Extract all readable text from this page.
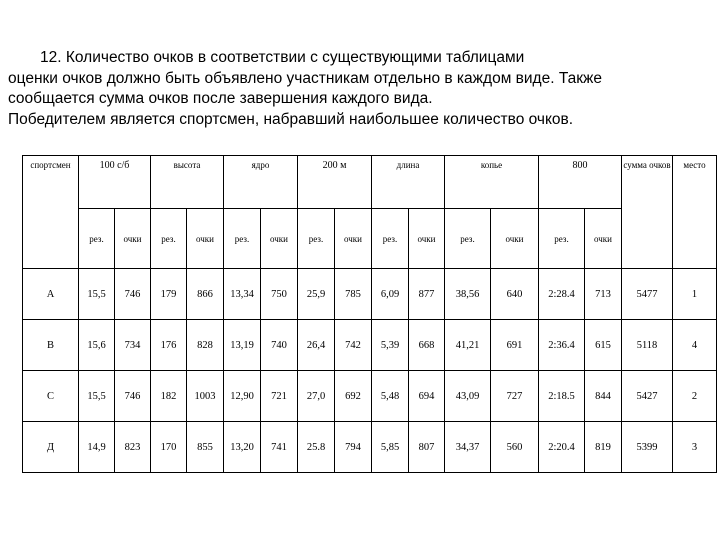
12. Количество очков в соответствии с существующими таблицами
оценки очков должно быть объявлено участникам отдельно в каждом виде. Также
сообщается сумма очков после завершения каждого вида.
Победителем является спортсмен, набравший наибольшее количество очков.

спортсмен	100 с/б		высота		ядро		200 м		длина		копье		800		сумма очков	место
	рез.	очки	рез.	очки	рез.	очки	рез.	очки	рез.	очки	рез.	очки	рез.	очки		
А	15,5	746	179	866	13,34	750	25,9	785	6,09	877	38,56	640	2:28.4	713	5477	1
В	15,6	734	176	828	13,19	740	26,4	742	5,39	668	41,21	691	2:36.4	615	5118	4
С	15,5	746	182	1003	12,90	721	27,0	692	5,48	694	43,09	727	2:18.5	844	5427	2
Д	14,9	823	170	855	13,20	741	25.8	794	5,85	807	34,37	560	2:20.4	819	5399	3
